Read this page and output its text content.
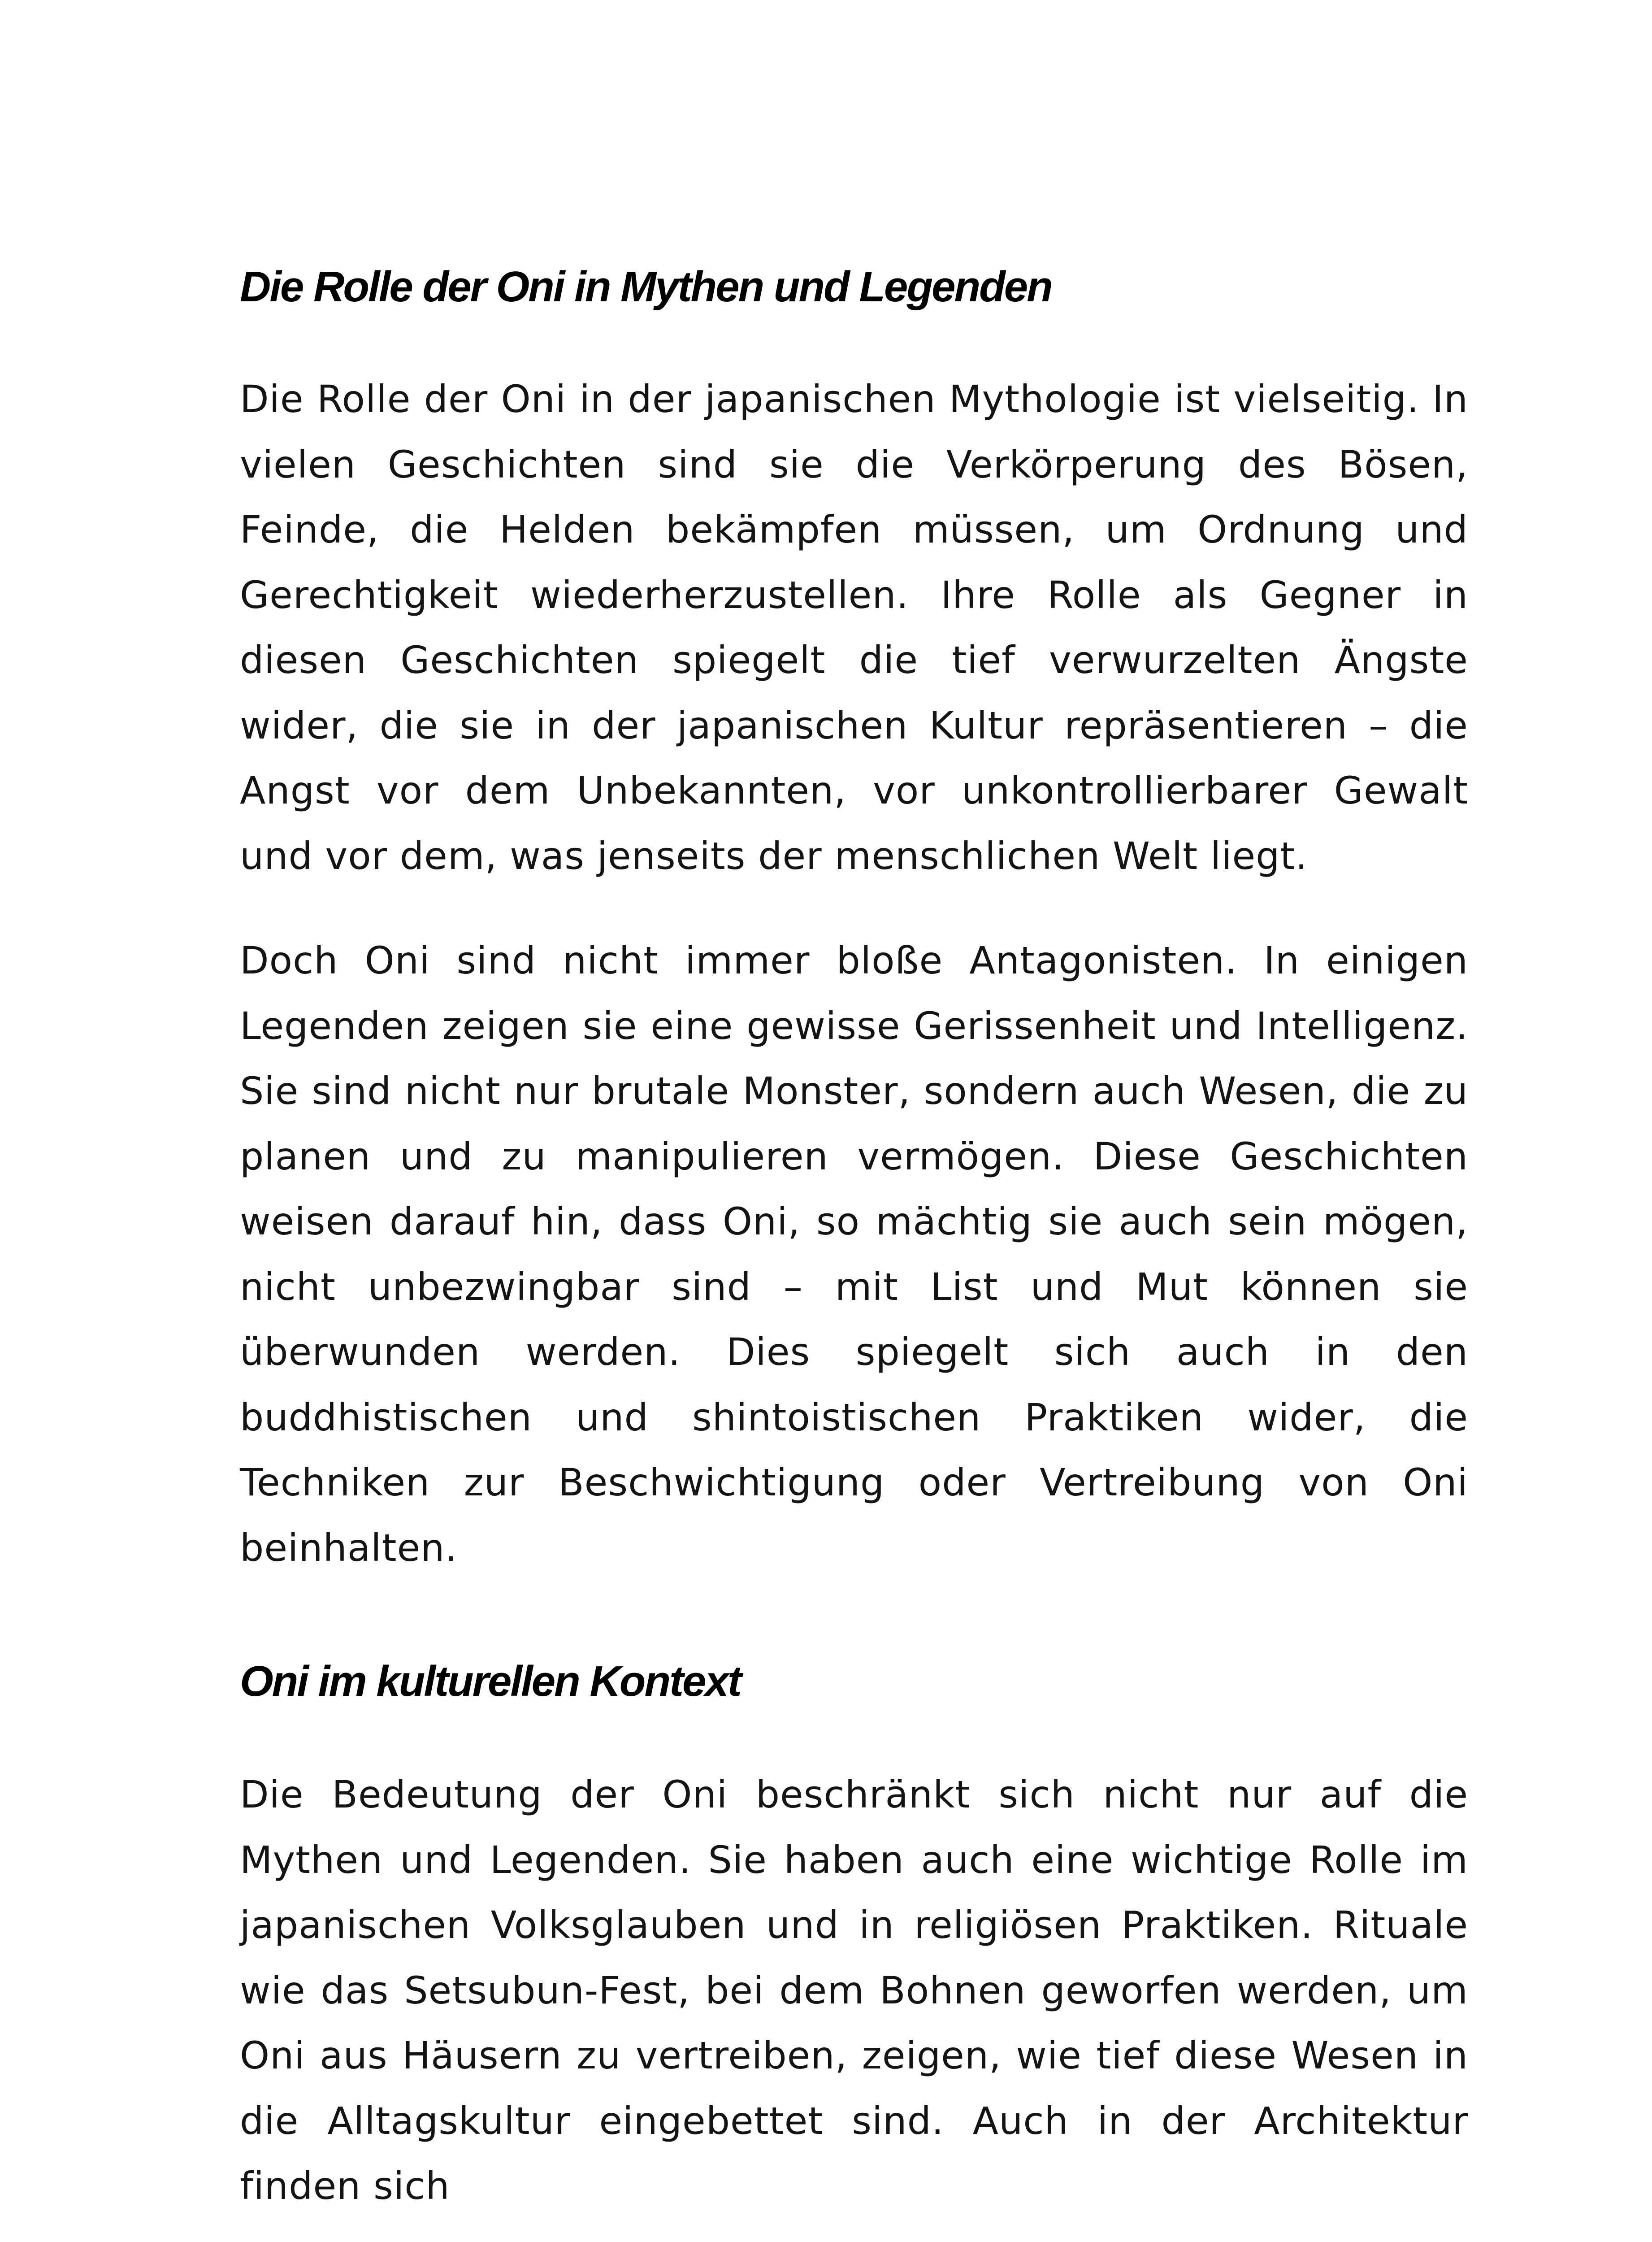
Die Rolle der Oni in Mythen und Legenden

Die Rolle der Oni in der japanischen Mythologie ist vielseitig. In vielen Geschichten sind sie die Verkörperung des Bösen, Feinde, die Helden bekämpfen müssen, um Ordnung und Gerechtigkeit wiederherzustellen. Ihre Rolle als Gegner in diesen Geschichten spiegelt die tief verwurzelten Ängste wider, die sie in der japanischen Kultur repräsentieren – die Angst vor dem Unbekannten, vor unkontrollierbarer Gewalt und vor dem, was jenseits der menschlichen Welt liegt.

Doch Oni sind nicht immer bloße Antagonisten. In einigen Legenden zeigen sie eine gewisse Gerissenheit und Intelligenz. Sie sind nicht nur brutale Monster, sondern auch Wesen, die zu planen und zu manipulieren vermögen. Diese Geschichten weisen darauf hin, dass Oni, so mächtig sie auch sein mögen, nicht unbezwingbar sind – mit List und Mut können sie überwunden werden. Dies spiegelt sich auch in den buddhistischen und shintoistischen Praktiken wider, die Techniken zur Beschwichtigung oder Vertreibung von Oni beinhalten.

Oni im kulturellen Kontext

Die Bedeutung der Oni beschränkt sich nicht nur auf die Mythen und Legenden. Sie haben auch eine wichtige Rolle im japanischen Volksglauben und in religiösen Praktiken. Rituale wie das Setsubun-Fest, bei dem Bohnen geworfen werden, um Oni aus Häusern zu vertreiben, zeigen, wie tief diese Wesen in die Alltagskultur eingebettet sind. Auch in der Architektur finden sich
